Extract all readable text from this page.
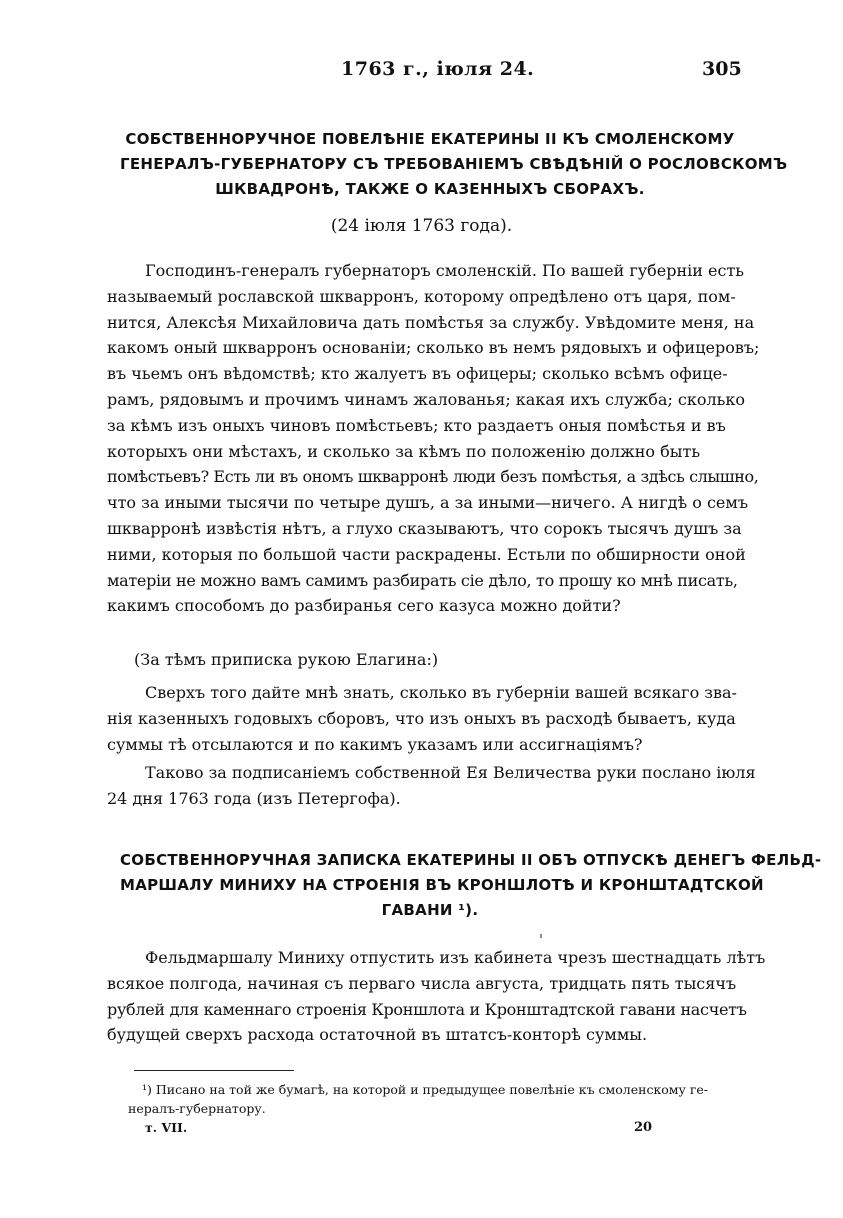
1763 г., іюля 24.	305
СОБСТВЕННОРУЧНОЕ ПОВЕЛѢНІЕ ЕКАТЕРИНЫ II КЪ СМОЛЕНСКОМУ
ГЕНЕРАЛЪ-ГУБЕРНАТОРУ СЪ ТРЕБОВАНІЕМЪ СВѢДѢНІЙ О РОСЛОВСКОМЪ
ШКВАДРОНѢ, ТАКЖЕ О КАЗЕННЫХЪ СБОРАХЪ.
(24 іюля 1763 года).
Господинъ-генералъ губернаторъ смоленскій. По вашей губерніи есть
называемый рославской шкварронъ, которому опредѣлено отъ царя, пом-
нится, Алексѣя Михайловича дать помѣстья за службу. Увѣдомите меня, на
какомъ оный шкварронъ основаніи; сколько въ немъ рядовыхъ и офицеровъ;
въ чьемъ онъ вѣдомствѣ; кто жалуетъ въ офицеры; сколько всѣмъ офице-
рамъ, рядовымъ и прочимъ чинамъ жалованья; какая ихъ служба; сколько
за кѣмъ изъ оныхъ чиновъ помѣстьевъ; кто раздаетъ оныя помѣстья и въ
которыхъ они мѣстахъ, и сколько за кѣмъ по положенію должно быть
помѣстьевъ? Есть ли въ ономъ шкварронѣ люди безъ помѣстья, а здѣсь слышно,
что за иными тысячи по четыре душъ, а за иными—ничего. А нигдѣ о семъ
шкварронѣ извѣстія нѣтъ, а глухо сказываютъ, что сорокъ тысячъ душъ за
ними, которыя по большой части раскрадены. Естьли по обширности оной
матеріи не можно вамъ самимъ разбирать сіе дѣло, то прошу ко мнѣ писать,
какимъ способомъ до разбиранья сего казуса можно дойти?
(За тѣмъ приписка рукою Елагина:)
Сверхъ того дайте мнѣ знать, сколько въ губерніи вашей всякаго зва-
нія казенныхъ годовыхъ сборовъ, что изъ оныхъ въ расходѣ бываетъ, куда
суммы тѣ отсылаются и по какимъ указамъ или ассигнаціямъ?
Таково за подписаніемъ собственной Ея Величества руки послано іюля
24 дня 1763 года (изъ Петергофа).
СОБСТВЕННОРУЧНАЯ ЗАПИСКА ЕКАТЕРИНЫ II ОБЪ ОТПУСКѢ ДЕНЕГЪ ФЕЛЬД-
МАРШАЛУ МИНИХУ НА СТРОЕНІЯ ВЪ КРОНШЛОТѢ И КРОНШТАДТСКОЙ
ГАВАНИ ¹).
Фельдмаршалу Миниху отпустить изъ кабинета чрезъ шестнадцать лѣтъ
всякое полгода, начиная съ перваго числа августа, тридцать пять тысячъ
рублей для каменнаго строенія Кроншлота и Кронштадтской гавани насчетъ
будущей сверхъ расхода остаточной въ штатсъ-конторѣ суммы.
¹) Писано на той же бумагѣ, на которой и предыдущее повелѣніе къ смоленскому ге-
нералъ-губернатору.
т. VII.	20
